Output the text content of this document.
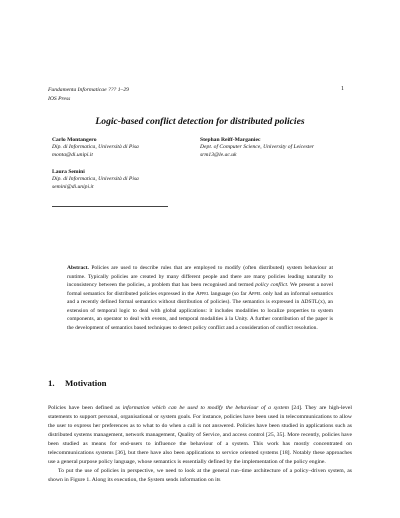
Fundamenta Informaticae ??? 1–29
IOS Press
1
Logic-based conflict detection for distributed policies
Carlo Montangero
Dip. di Informatica, Università di Pisa
monta@di.unipi.it
Stephan Reiff-Marganiec
Dept. of Computer Science, University of Leicester
srm13@le.ac.uk
Laura Semini
Dip. di Informatica, Università di Pisa
semini@di.unipi.it
Abstract. Policies are used to describe rules that are employed to modify (often distributed) system behaviour at runtime. Typically policies are created by many different people and there are many policies leading naturally to inconsistency between the policies, a problem that has been recognised and termed policy conflict. We present a novel formal semantics for distributed policies expressed in the Appel language (so far Appel only had an informal semantics and a recently defined formal semantics without distribution of policies). The semantics is expressed in ΔDSTL(x), an extension of temporal logic to deal with global applications: it includes modalities to localize properties to system components, an operator to deal with events, and temporal modalities à la Unity. A further contribution of the paper is the development of semantics based techniques to detect policy conflict and a consideration of conflict resolution.
1. Motivation

Policies have been defined as information which can be used to modify the behaviour of a system [24]. They are high-level statements to support personal, organisational or system goals. For instance, policies have been used in telecommunications to allow the user to express her preferences as to what to do when a call is not answered. Policies have been studied in applications such as distributed systems management, network management, Quality of Service, and access control [25, 35]. More recently, policies have been studied as means for end-users to influence the behaviour of a system. This work has mostly concentrated on telecommunications systems [36], but there have also been applications to service oriented systems [18]. Notably these approaches use a general purpose policy language, whose semantics is essentially defined by the implementation of the policy engine.

To put the use of policies in perspective, we need to look at the general run–time architecture of a policy–driven system, as shown in Figure 1. Along its execution, the System sends information on its
